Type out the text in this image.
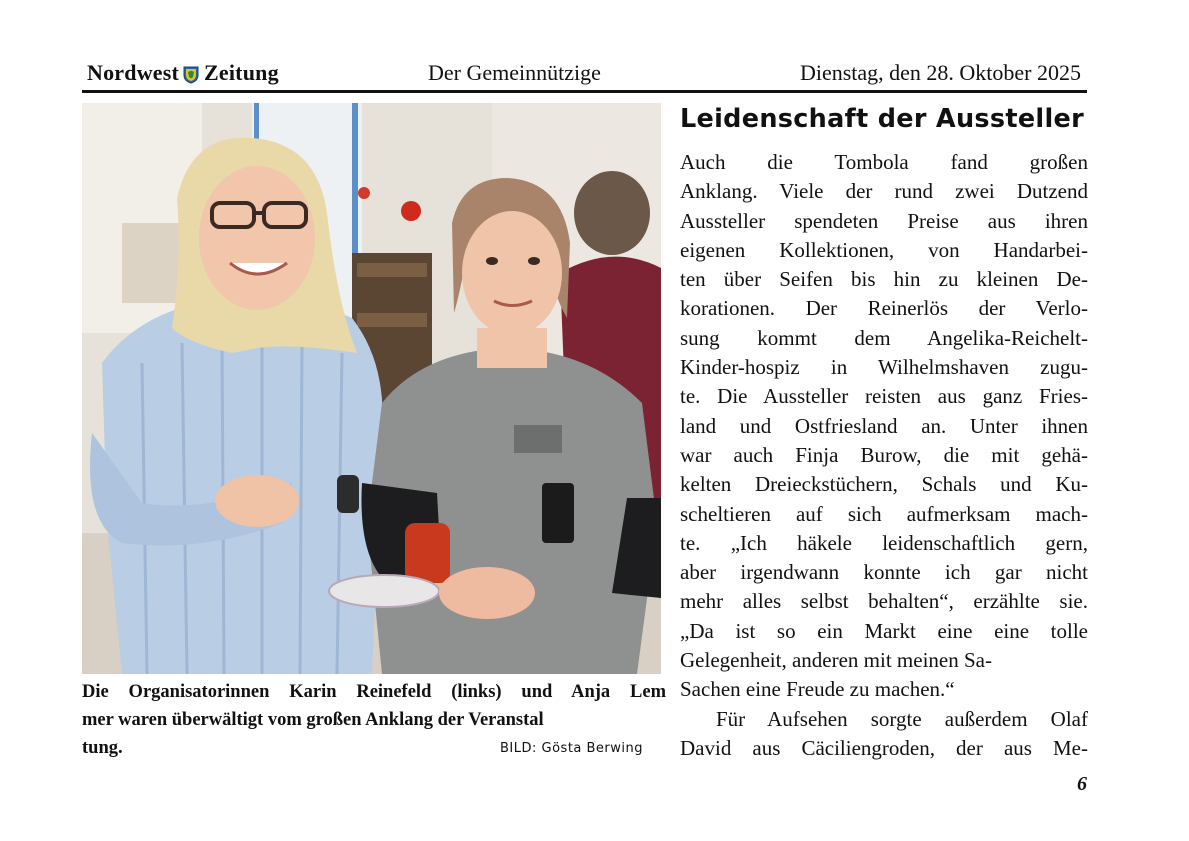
Nordwest Zeitung	Der Gemeinnützige	Dienstag, den 28. Oktober 2025
Die Organisatorinnen Karin Reinefeld (links) und Anja Lem
mer waren überwältigt vom großen Anklang der Veranstal
tung.	BILD: Gösta Berwing
Leidenschaft der Aussteller
Auch die Tombola fand großen
Anklang. Viele der rund zwei Dutzend
Aussteller spendeten Preise aus ihren
eigenen Kollektionen, von Handarbei-
ten über Seifen bis hin zu kleinen De-
korationen. Der Reinerlös der Verlo-
sung kommt dem Angelika-Reichelt-
Kinder-hospiz in Wilhelmshaven zugu-
te. Die Aussteller reisten aus ganz Fries-
land und Ostfriesland an. Unter ihnen
war auch Finja Burow, die mit gehä-
kelten Dreieckstüchern, Schals und Ku-
scheltieren auf sich aufmerksam mach-
te. „Ich häkele leidenschaftlich gern,
aber irgendwann konnte ich gar nicht
mehr alles selbst behalten“, erzählte sie.
„Da ist so ein Markt eine eine tolle
Gelegenheit, anderen mit meinen Sa-
Sachen eine Freude zu machen.“
Für Aufsehen sorgte außerdem Olaf
David aus Cäciliengroden, der aus Me-
6
